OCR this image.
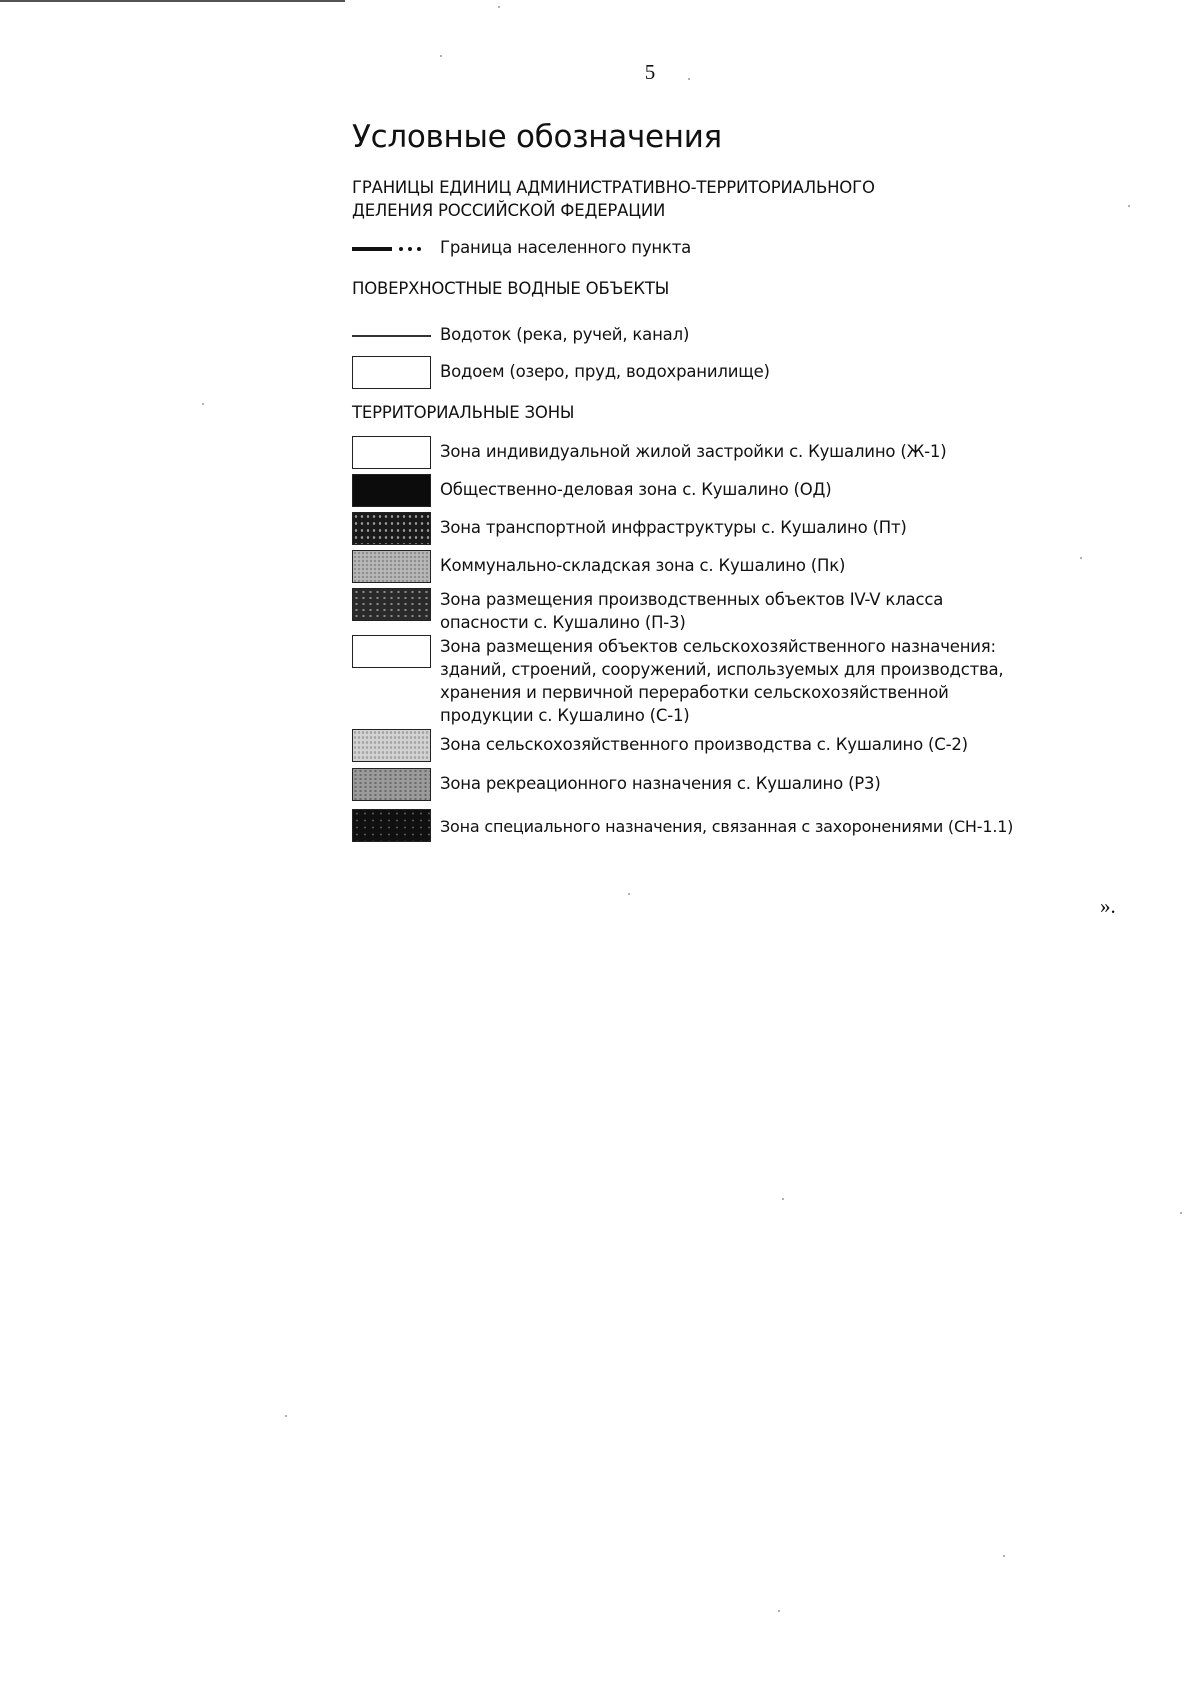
5
Условные обозначения
ГРАНИЦЫ ЕДИНИЦ АДМИНИСТРАТИВНО-ТЕРРИТОРИАЛЬНОГО ДЕЛЕНИЯ РОССИЙСКОЙ ФЕДЕРАЦИИ
Граница населенного пункта
ПОВЕРХНОСТНЫЕ ВОДНЫЕ ОБЪЕКТЫ
Водоток (река, ручей, канал)
Водоем (озеро, пруд, водохранилище)
ТЕРРИТОРИАЛЬНЫЕ ЗОНЫ
Зона индивидуальной жилой застройки с. Кушалино (Ж-1)
Общественно-деловая зона с. Кушалино (ОД)
Зона транспортной инфраструктуры с. Кушалино (Пт)
Коммунально-складская зона с. Кушалино (Пк)
Зона размещения производственных объектов IV-V класса опасности с. Кушалино (П-3)
Зона размещения объектов сельскохозяйственного назначения: зданий, строений, сооружений, используемых для производства, хранения и первичной переработки сельскохозяйственной продукции с. Кушалино (С-1)
Зона сельскохозяйственного производства с. Кушалино (С-2)
Зона рекреационного назначения с. Кушалино (Р3)
Зона специального назначения, связанная с захоронениями (СН-1.1)
».
